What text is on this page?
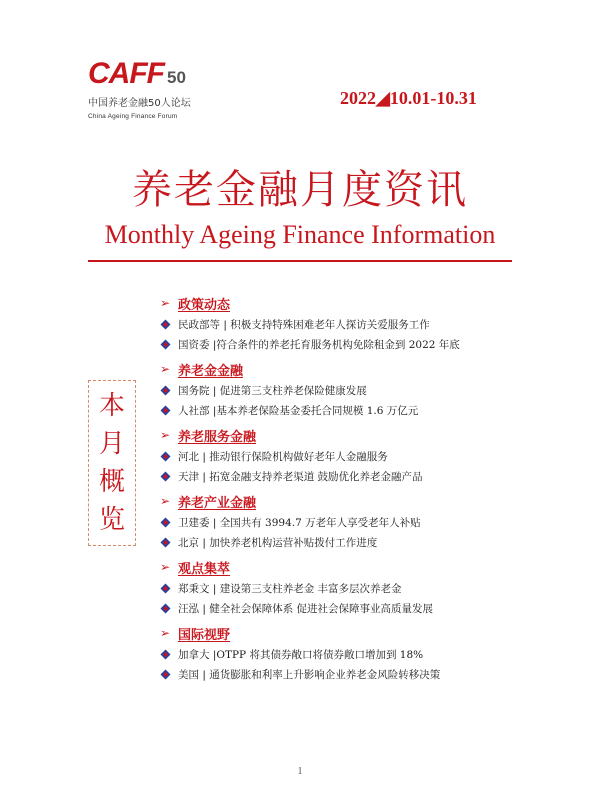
CAFF 50
中国养老金融50人论坛
China Ageing Finance Forum
2022◢10.01-10.31
养老金融月度资讯
Monthly Ageing Finance Information
本
月
概
览
➢ 政策动态
民政部等 | 积极支持特殊困难老年人探访关爱服务工作
国资委 |符合条件的养老托育服务机构免除租金到 2022 年底
➢ 养老金金融
国务院 | 促进第三支柱养老保险健康发展
人社部 |基本养老保险基金委托合同规模 1.6 万亿元
➢ 养老服务金融
河北 | 推动银行保险机构做好老年人金融服务
天津 | 拓宽金融支持养老渠道 鼓励优化养老金融产品
➢ 养老产业金融
卫建委 | 全国共有 3994.7 万老年人享受老年人补贴
北京 | 加快养老机构运营补贴拨付工作进度
➢ 观点集萃
郑秉文 | 建设第三支柱养老金 丰富多层次养老金
汪泓 | 健全社会保障体系 促进社会保障事业高质量发展
➢ 国际视野
加拿大 |OTPP 将其债券敞口将债券敞口增加到 18%
美国 | 通货膨胀和利率上升影响企业养老金风险转移决策
1
